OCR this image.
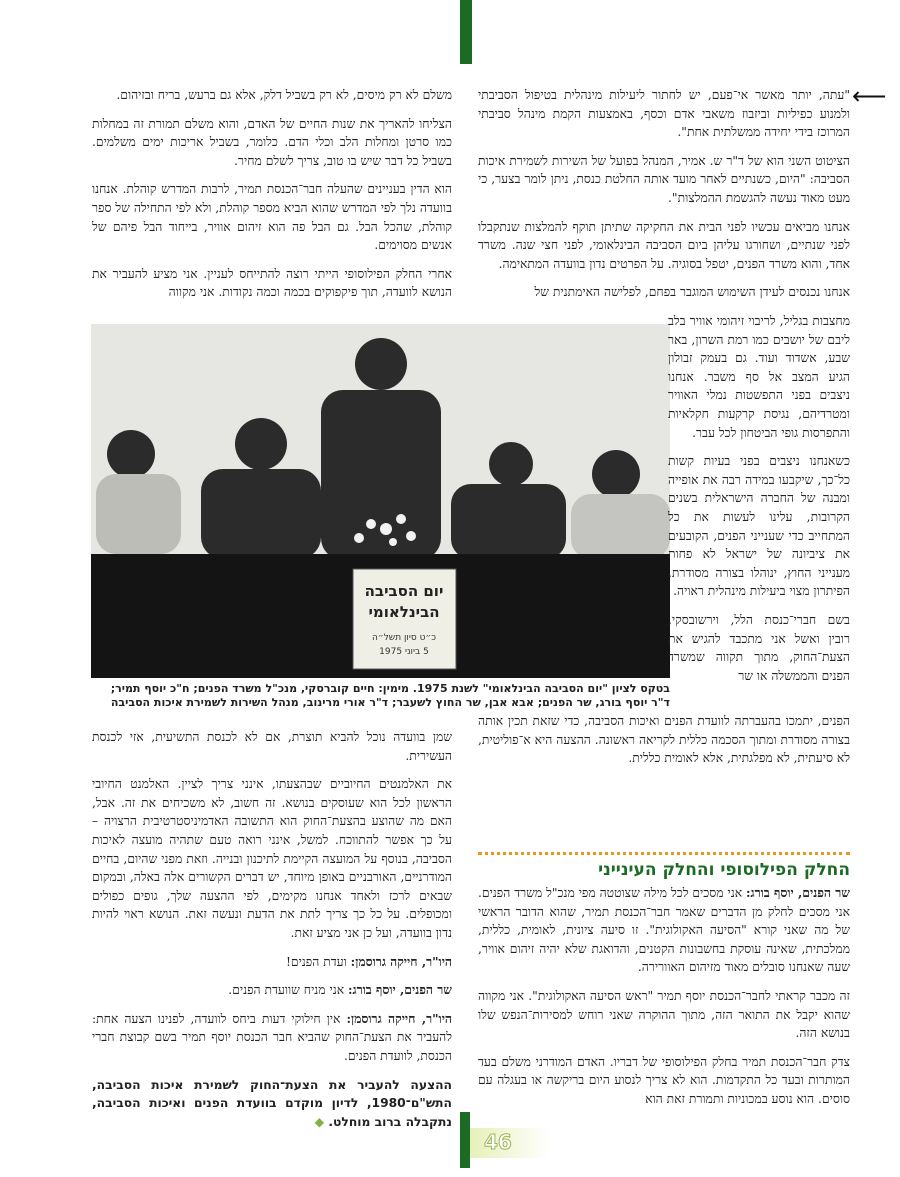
⟵

"עתה, יותר מאשר אי־פעם, יש לחתור ליעילות מינהלית בטיפול הסביבתי ולמנוע כפיליות וביזבוז משאבי אדם וכסף, באמצעות הקמת מינהל סביבתי המרוכז בידי יחידה ממשלתית אחת".

הציטוט השני הוא של ד"ר ש. אמיר, המנהל בפועל של השירות לשמירת איכות הסביבה: "היום, כשנתיים לאחר מועד אותה החלטת כנסת, ניתן לומר בצער, כי מעט מאוד נעשה להגשמת ההמלצות".

אנחנו מביאים עכשיו לפני הבית את החקיקה שתיתן תוקף להמלצות שנתקבלו לפני שנתיים, ושחורגו עליהן ביום הסביבה הבינלאומי, לפני חצי שנה. משרד אחד, והוא משרד הפנים, יטפל בסוגיה. על הפרטים נדון בוועדה המתאימה.

אנחנו נכנסים לעידן השימוש המוגבר בפחם, לפלישה האימתנית של

משלם לא רק מיסים, לא רק בשביל דלק, אלא גם ברעש, בריח ובזיהום.

הצליחו להאריך את שנות החיים של האדם, והוא משלם תמורת זה במחלות כמו סרטן ומחלות הלב וכלי הדם. כלומר, בשביל אריכות ימים משלמים. בשביל כל דבר שיש בו טוב, צריך לשלם מחיר.

הוא הדין בעניינים שהעלה חבר־הכנסת תמיר, לרבות המדרש קוהלת. אנחנו בוועדה נלך לפי המדרש שהוא הביא מספר קוהלת, ולא לפי התחילה של ספר קוהלת, שהכל הבל. גם הבל פה הוא זיהום אוויר, בייחוד הבל פיהם של אנשים מסוימים.

אחרי החלק הפילוסופי הייתי רוצה להתייחס לעניין. אני מציע להעביר את הנושא לוועדה, תוך פיקפוקים בכמה וכמה נקודות. אני מקווה

יום הסביבה
הבינלאומי
כ״ט סיון תשל״ה
5 ביוני 1975

מחצבות בגליל, לריבוי זיהומי אוויר בלב ליבם של יושבים כמו רמת השרון, באר שבע, אשדוד ועוד. גם בעמק זבולון הגיע המצב אל סף משבר. אנחנו ניצבים בפני התפשטות נמלי האוויר ומטרדיהם, נגיסת קרקעות חקלאיות והתפרסות גופי הביטחון לכל עבר.

כשאנחנו ניצבים בפני בעיות קשות כל־כך, שיקבעו במידה רבה את אופייה ומבנה של החברה הישראלית בשנים הקרובות, עלינו לעשות את כל המתחייב כדי שענייני הפנים, הקובעים את ציביונה של ישראל לא פחות מענייני החוץ, ינוהלו בצורה מסודרת. הפיתרון מצוי ביעילות מינהלית ראויה.

בשם חברי־כנסת הלל, וירשובסקי, רובין ואשל אני מתכבד להגיש את הצעת־החוק, מתוך תקווה שמשרד הפנים והממשלה או שר

בטקס לציון "יום הסביבה הבינלאומי" לשנת 1975. מימין: חיים קוברסקי, מנכ"ל משרד הפנים; ח"כ יוסף תמיר; ד"ר יוסף בורג, שר הפנים; אבא אבן, שר החוץ לשעבר; ד"ר אורי מרינוב, מנהל השירות לשמירת איכות הסביבה

הפנים, יתמכו בהעברתה לוועדת הפנים ואיכות הסביבה, כדי שזאת תכין אותה בצורה מסודרת ומתוך הסכמה כללית לקריאה ראשונה. ההצעה היא א־פוליטית, לא סיעתית, לא מפלגתית, אלא לאומית כללית.

שמן בוועדה נוכל להביא תוצרת, אם לא לכנסת התשיעית, אזי לכנסת העשירית.

את האלמנטים החיוביים שבהצעתו, אינני צריך לציין. האלמנט החיובי הראשון לכל הוא שעוסקים בנושא. זה חשוב, לא משכיחים את זה. אבל, האם מה שהוצע בהצעת־החוק הוא התשובה האדמיניסטרטיבית הרצויה – על כך אפשר להתווכח. למשל, אינני רואה טעם שתהיה מועצה לאיכות הסביבה, בנוסף על המועצה הקיימת לתיכנון ובנייה. וזאת מפני שהיום, בחיים המודרניים, האורבניים באופן מיוחד, יש דברים הקשורים אלה באלה, ובמקום שבאים לרכז ולאחד אנחנו מקימים, לפי ההצעה שלך, גופים כפולים ומכופלים. על כל כך צריך לתת את הדעת ונעשה זאת. הנושא ראוי להיות נדון בוועדה, ועל כן אני מציע זאת.

היו"ר, חייקה גרוסמן: ועדת הפנים!

שר הפנים, יוסף בורג: אני מניח שוועדת הפנים.

היו"ר, חייקה גרוסמן: אין חילוקי דעות ביחס לוועדה, לפנינו הצעה אחת: להעביר את הצעת־החוק שהביא חבר הכנסת יוסף תמיר בשם קבוצת חברי הכנסת, לוועדת הפנים.

ההצעה להעביר את הצעת־החוק לשמירת איכות הסביבה, התש"ם־1980, לדיון מוקדם בוועדת הפנים ואיכות הסביבה, נתקבלה ברוב מוחלט. ◆

החלק הפילוסופי והחלק העינייני

שר הפנים, יוסף בורג: אני מסכים לכל מילה שצוטטה מפי מנכ"ל משרד הפנים. אני מסכים לחלק מן הדברים שאמר חבר־הכנסת תמיר, שהוא הדובר הראשי של מה שאני קורא "הסיעה האקולוגית". זו סיעה ציונית, לאומית, כללית, ממלכתית, שאינה עוסקת בחשבונות הקטנים, והדואגת שלא יהיה זיהום אוויר, שעה שאנחנו סובלים מאוד מזיהום האוורירה.

זה מכבר קראתי לחבר־הכנסת יוסף תמיר "ראש הסיעה האקולוגית". אני מקווה שהוא יקבל את התואר הזה, מתוך ההוקרה שאני רוחש למסירות־הנפש שלו בנושא הזה.

צדק חבר־הכנסת תמיר בחלק הפילוסופי של דבריו. האדם המודרני משלם בעד המותרות ובעד כל התקדמות. הוא לא צריך לנסוע היום בריקשה או בעגלה עם סוסים. הוא נוסע במכוניות ותמורת זאת הוא

46
